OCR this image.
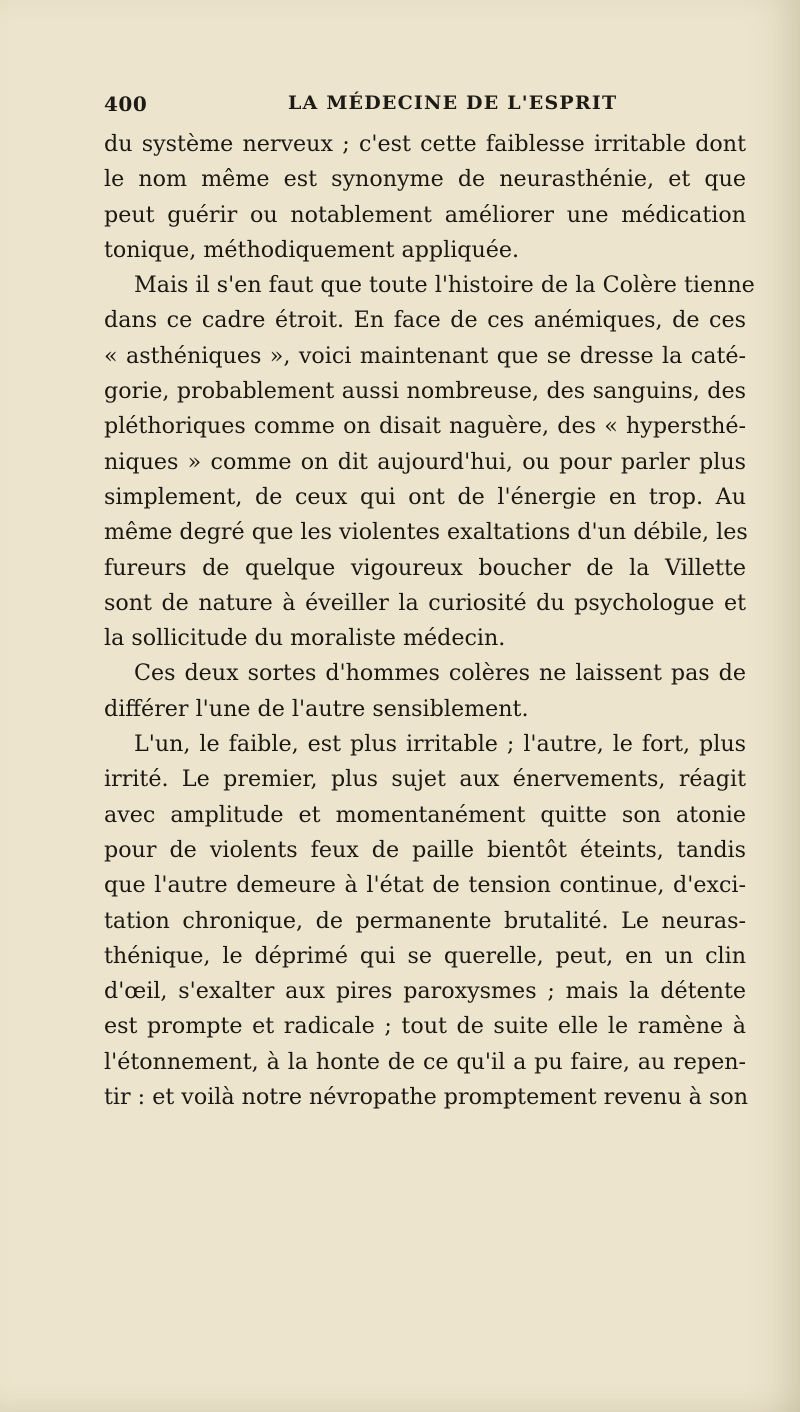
400	LA MÉDECINE DE L'ESPRIT
du système nerveux ; c'est cette faiblesse irritable dont
le nom même est synonyme de neurasthénie, et que
peut guérir ou notablement améliorer une médication
tonique, méthodiquement appliquée.
Mais il s'en faut que toute l'histoire de la Colère tienne
dans ce cadre étroit. En face de ces anémiques, de ces
« asthéniques », voici maintenant que se dresse la caté-
gorie, probablement aussi nombreuse, des sanguins, des
pléthoriques comme on disait naguère, des « hypersthé-
niques » comme on dit aujourd'hui, ou pour parler plus
simplement, de ceux qui ont de l'énergie en trop. Au
même degré que les violentes exaltations d'un débile, les
fureurs de quelque vigoureux boucher de la Villette
sont de nature à éveiller la curiosité du psychologue et
la sollicitude du moraliste médecin.
Ces deux sortes d'hommes colères ne laissent pas de
différer l'une de l'autre sensiblement.
L'un, le faible, est plus irritable ; l'autre, le fort, plus
irrité. Le premier, plus sujet aux énervements, réagit
avec amplitude et momentanément quitte son atonie
pour de violents feux de paille bientôt éteints, tandis
que l'autre demeure à l'état de tension continue, d'exci-
tation chronique, de permanente brutalité. Le neuras-
thénique, le déprimé qui se querelle, peut, en un clin
d'œil, s'exalter aux pires paroxysmes ; mais la détente
est prompte et radicale ; tout de suite elle le ramène à
l'étonnement, à la honte de ce qu'il a pu faire, au repen-
tir : et voilà notre névropathe promptement revenu à son
